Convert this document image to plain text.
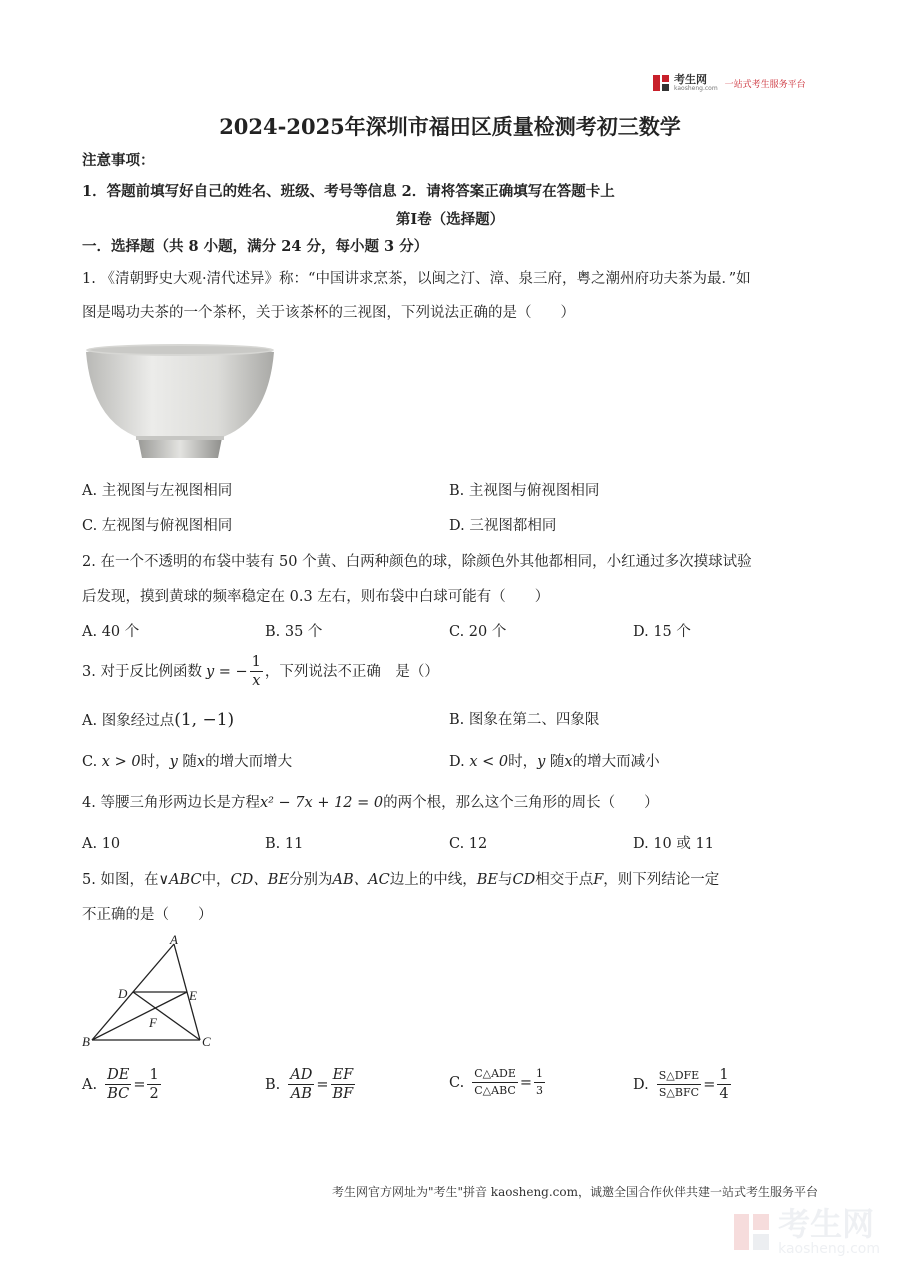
考生网
kaosheng.com 一站式考生服务平台
2024-2025年深圳市福田区质量检测考初三数学
注意事项：
1．答题前填写好自己的姓名、班级、考号等信息 2．请将答案正确填写在答题卡上
第Ⅰ卷（选择题）
一．选择题（共 8 小题，满分 24 分，每小题 3 分）
1. 《清朝野史大观·清代述异》称：“中国讲求烹茶，以闽之汀、漳、泉三府，粤之潮州府功夫茶为最．”如
图是喝功夫茶的一个茶杯，关于该茶杯的三视图，下列说法正确的是（　　）
A. 主视图与左视图相同	B. 主视图与俯视图相同
C. 左视图与俯视图相同	D. 三视图都相同
2. 在一个不透明的布袋中装有 50 个黄、白两种颜色的球，除颜色外其他都相同，小红通过多次摸球试验
后发现，摸到黄球的频率稳定在 0.3 左右，则布袋中白球可能有（　　）
A. 40 个	B. 35 个	C. 20 个	D. 15 个
3. 对于反比例函数 y = − $\frac{1}{x}$ ，下列说法不正确　是（）
A. 图象经过点(1, −1)	B. 图象在第二、四象限
C. x > 0时，y 随x的增大而增大	D. x < 0时，y 随x的增大而减小
4. 等腰三角形两边长是方程x² − 7x + 12 = 0的两个根，那么这个三角形的周长（　　）
A. 10	B. 11	C. 12	D. 10 或 11
5. 如图，在∨ABC中，CD、BE分别为AB、AC边上的中线，BE与CD相交于点F，则下列结论一定
不正确的是（　　）
A
B	C
D	E
F
A. $\frac{DE}{BC} = \frac{1}{2}$	B. $\frac{AD}{AB} = \frac{EF}{BF}$	C. $\frac{\text{C△ADE}}{\text{C△ABC}} = \frac{1}{3}$	D. $\frac{\text{S△DFE}}{\text{S△BFC}} = \frac{1}{4}$
考生网官方网址为"考生"拼音 kaosheng.com，诚邀全国合作伙伴共建一站式考生服务平台
考生网
kaosheng.com
